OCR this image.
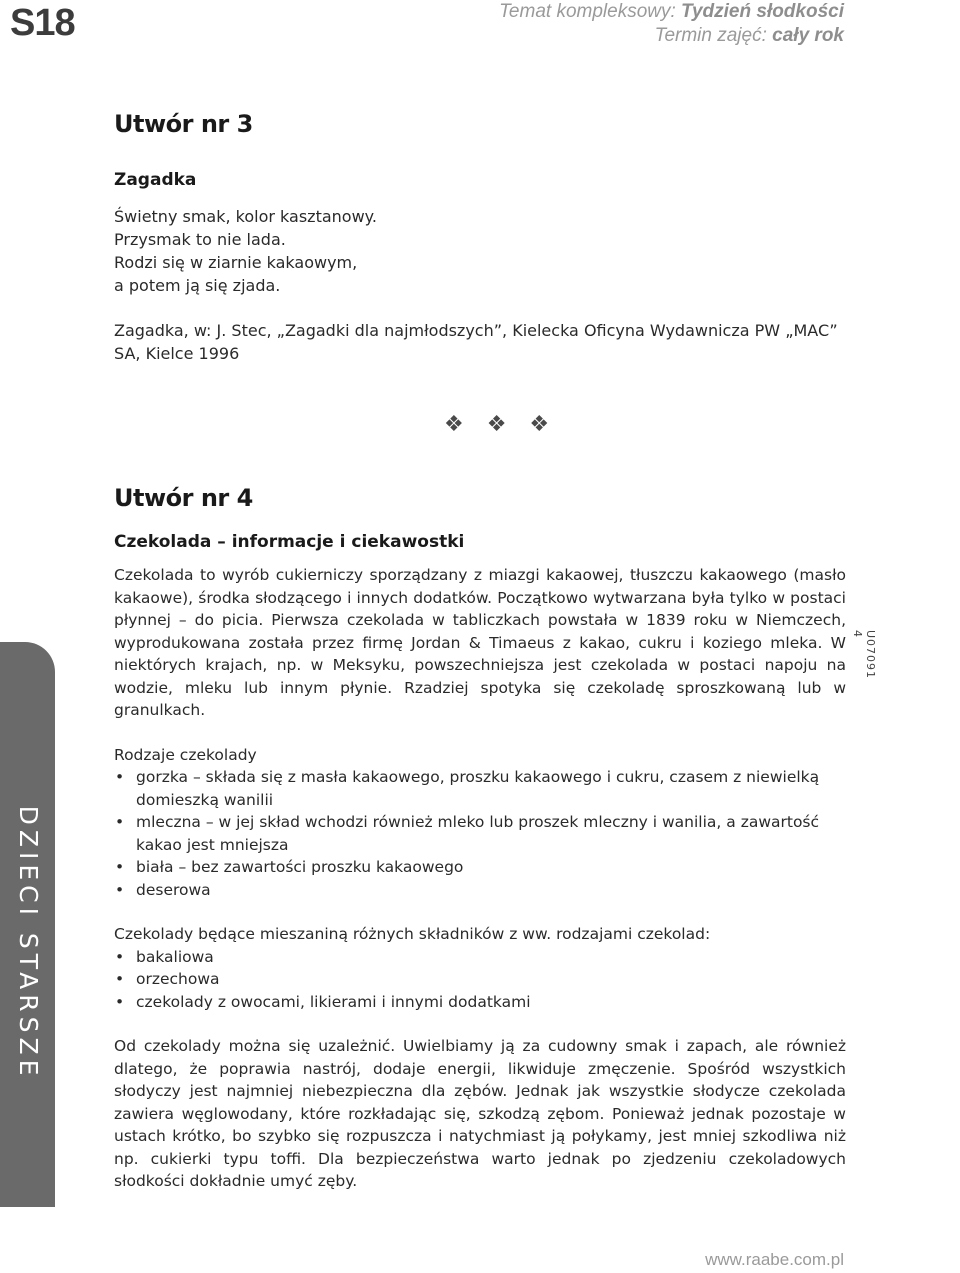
S18	Temat kompleksowy: Tydzień słodkości
Termin zajęć: cały rok
Utwór nr 3

Zagadka

Świetny smak, kolor kasztanowy.
Przysmak to nie lada.
Rodzi się w ziarnie kakaowym,
a potem ją się zjada.

Zagadka, w: J. Stec, „Zagadki dla najmłodszych”, Kielecka Oficyna Wydawnicza PW „MAC” SA, Kielce 1996

❖ ❖ ❖
Utwór nr 4

Czekolada – informacje i ciekawostki

Czekolada to wyrób cukierniczy sporządzany z miazgi kakaowej, tłuszczu kakaowego (masło kakaowe), środka słodzącego i innych dodatków. Początkowo wytwarzana była tylko w postaci płynnej – do picia. Pierwsza czekolada w tabliczkach powstała w 1839 roku w Niemczech, wyprodukowana została przez firmę Jordan & Timaeus z kakao, cukru i koziego mleka. W niektórych krajach, np. w Meksyku, powszechniejsza jest czekolada w postaci napoju na wodzie, mleku lub innym płynie. Rzadziej spotyka się czekoladę sproszkowaną lub w granulkach.

Rodzaje czekolady

• gorzka – składa się z masła kakaowego, proszku kakaowego i cukru, czasem z niewielką domieszką wanilii
• mleczna – w jej skład wchodzi również mleko lub proszek mleczny i wanilia, a zawartość kakao jest mniejsza
• biała – bez zawartości proszku kakaowego
• deserowa

Czekolady będące mieszaniną różnych składników z ww. rodzajami czekolad:

• bakaliowa
• orzechowa
• czekolady z owocami, likierami i innymi dodatkami

Od czekolady można się uzależnić. Uwielbiamy ją za cudowny smak i zapach, ale również dlatego, że poprawia nastrój, dodaje energii, likwiduje zmęczenie. Spośród wszystkich słodyczy jest najmniej niebezpieczna dla zębów. Jednak jak wszystkie słodycze czekolada zawiera węglowodany, które rozkładając się, szkodzą zębom. Ponieważ jednak pozostaje w ustach krótko, bo szybko się rozpuszcza i natychmiast ją połykamy, jest mniej szkodliwa niż np. cukierki typu toffi. Dla bezpieczeństwa warto jednak po zjedzeniu czekoladowych słodkości dokładnie umyć zęby.

DZIECI STARSZE
U07091 4
www.raabe.com.pl
